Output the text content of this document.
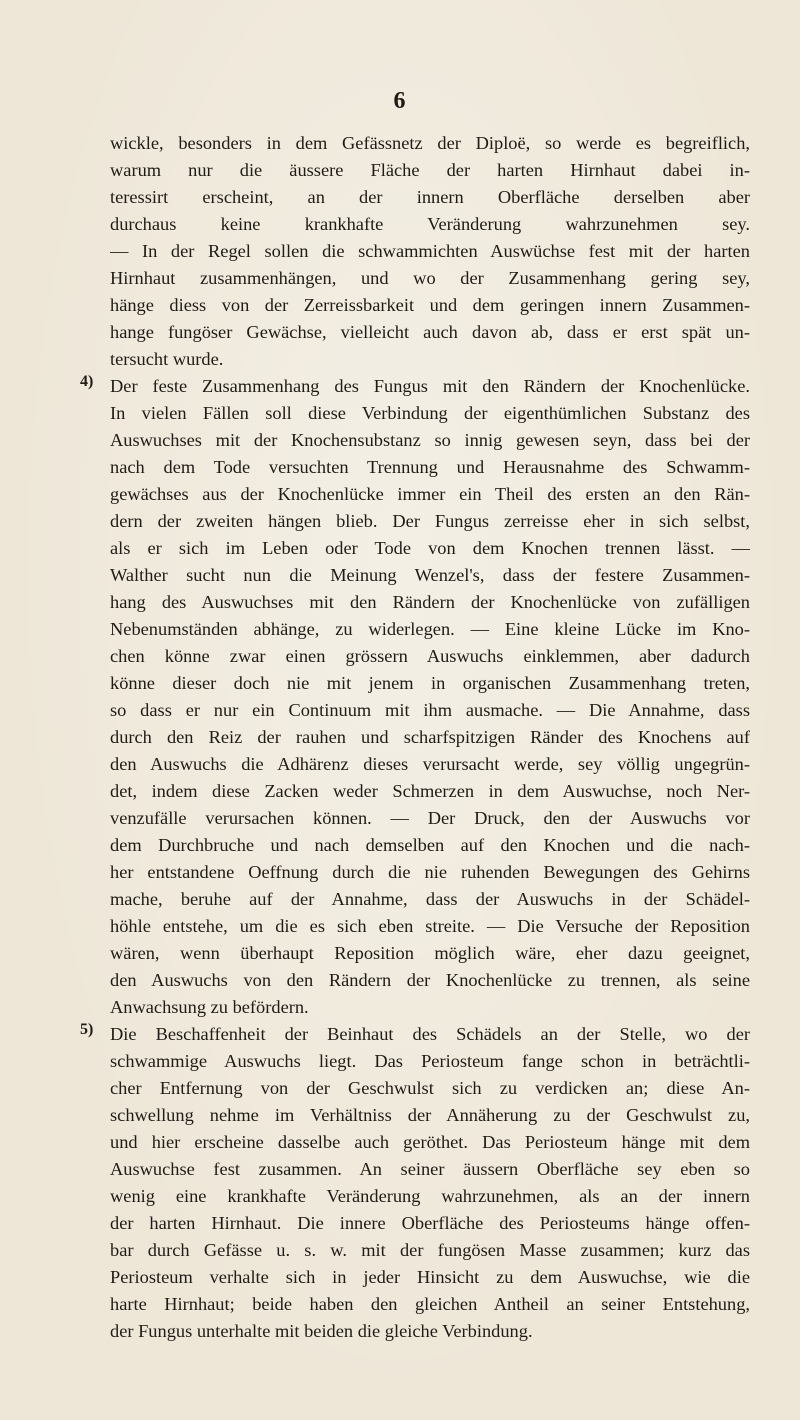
6
wickle, besonders in dem Gefässnetz der Diploë, so werde es begreiflich,
warum nur die äussere Fläche der harten Hirnhaut dabei in-
teressirt erscheint, an der innern Oberfläche derselben aber
durchaus keine krankhafte Veränderung wahrzunehmen sey.
— In der Regel sollen die schwammichten Auswüchse fest mit der harten
Hirnhaut zusammenhängen, und wo der Zusammenhang gering sey,
hänge diess von der Zerreissbarkeit und dem geringen innern Zusammen-
hange fungöser Gewächse, vielleicht auch davon ab, dass er erst spät un-
tersucht wurde.
4) Der feste Zusammenhang des Fungus mit den Rändern der Knochenlücke.
In vielen Fällen soll diese Verbindung der eigenthümlichen Substanz des
Auswuchses mit der Knochensubstanz so innig gewesen seyn, dass bei der
nach dem Tode versuchten Trennung und Herausnahme des Schwamm-
gewächses aus der Knochenlücke immer ein Theil des ersten an den Rän-
dern der zweiten hängen blieb. Der Fungus zerreisse eher in sich selbst,
als er sich im Leben oder Tode von dem Knochen trennen lässt. —
Walther sucht nun die Meinung Wenzel's, dass der festere Zusammen-
hang des Auswuchses mit den Rändern der Knochenlücke von zufälligen
Nebenumständen abhänge, zu widerlegen. — Eine kleine Lücke im Kno-
chen könne zwar einen grössern Auswuchs einklemmen, aber dadurch
könne dieser doch nie mit jenem in organischen Zusammenhang treten,
so dass er nur ein Continuum mit ihm ausmache. — Die Annahme, dass
durch den Reiz der rauhen und scharfspitzigen Ränder des Knochens auf
den Auswuchs die Adhärenz dieses verursacht werde, sey völlig ungegrün-
det, indem diese Zacken weder Schmerzen in dem Auswuchse, noch Ner-
venzufälle verursachen können. — Der Druck, den der Auswuchs vor
dem Durchbruche und nach demselben auf den Knochen und die nach-
her entstandene Oeffnung durch die nie ruhenden Bewegungen des Gehirns
mache, beruhe auf der Annahme, dass der Auswuchs in der Schädel-
höhle entstehe, um die es sich eben streite. — Die Versuche der Reposition
wären, wenn überhaupt Reposition möglich wäre, eher dazu geeignet,
den Auswuchs von den Rändern der Knochenlücke zu trennen, als seine
Anwachsung zu befördern.
5) Die Beschaffenheit der Beinhaut des Schädels an der Stelle, wo der
schwammige Auswuchs liegt. Das Periosteum fange schon in beträchtli-
cher Entfernung von der Geschwulst sich zu verdicken an; diese An-
schwellung nehme im Verhältniss der Annäherung zu der Geschwulst zu,
und hier erscheine dasselbe auch geröthet. Das Periosteum hänge mit dem
Auswuchse fest zusammen. An seiner äussern Oberfläche sey eben so
wenig eine krankhafte Veränderung wahrzunehmen, als an der innern
der harten Hirnhaut. Die innere Oberfläche des Periosteums hänge offen-
bar durch Gefässe u. s. w. mit der fungösen Masse zusammen; kurz das
Periosteum verhalte sich in jeder Hinsicht zu dem Auswuchse, wie die
harte Hirnhaut; beide haben den gleichen Antheil an seiner Entstehung,
der Fungus unterhalte mit beiden die gleiche Verbindung.
